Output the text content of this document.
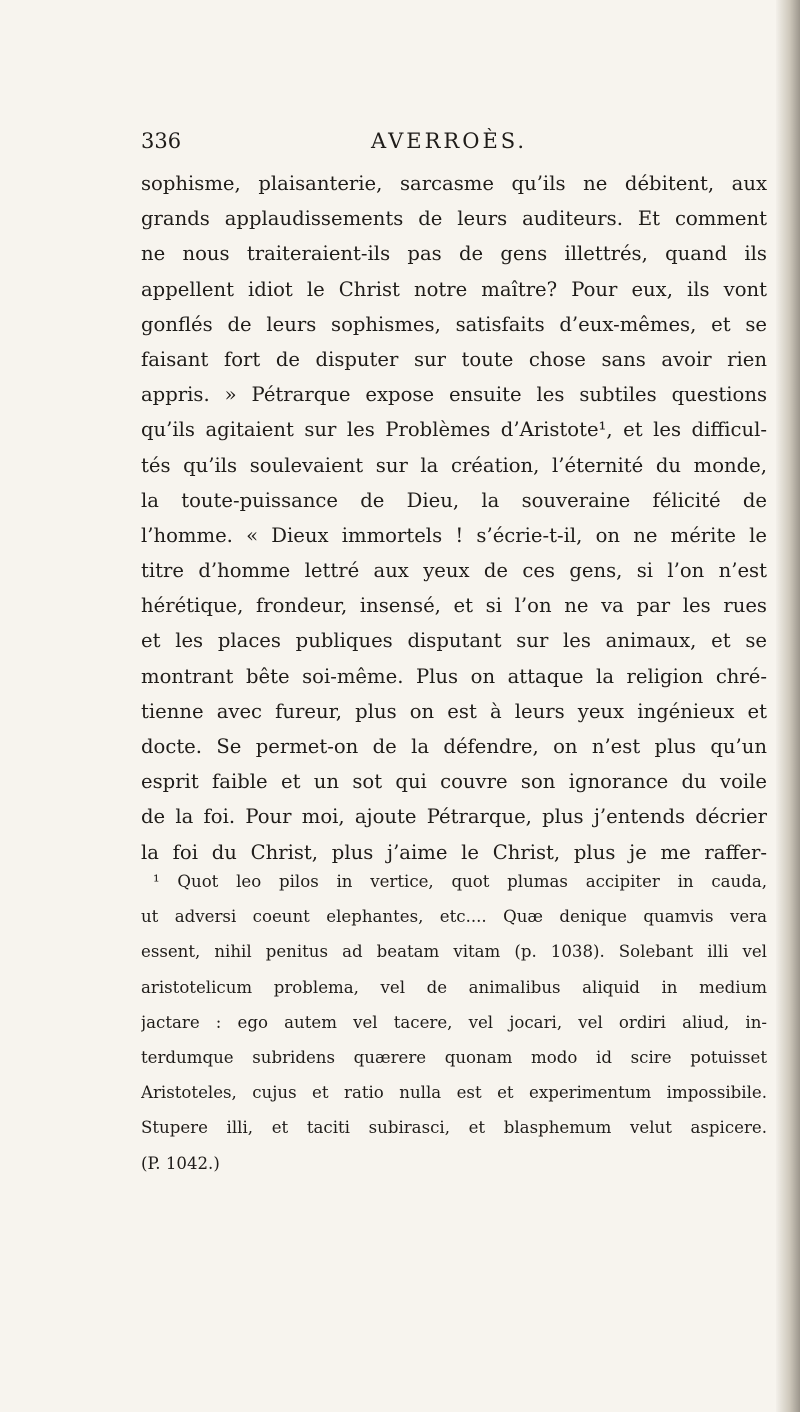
336	AVERROÈS.
sophisme, plaisanterie, sarcasme qu’ils ne débitent, aux
grands applaudissements de leurs auditeurs. Et comment
ne nous traiteraient-ils pas de gens illettrés, quand ils
appellent idiot le Christ notre maître? Pour eux, ils vont
gonflés de leurs sophismes, satisfaits d’eux-mêmes, et se
faisant fort de disputer sur toute chose sans avoir rien
appris. » Pétrarque expose ensuite les subtiles questions
qu’ils agitaient sur les Problèmes d’Aristote¹, et les difficul-
tés qu’ils soulevaient sur la création, l’éternité du monde,
la toute-puissance de Dieu, la souveraine félicité de
l’homme. « Dieux immortels ! s’écrie-t-il, on ne mérite le
titre d’homme lettré aux yeux de ces gens, si l’on n’est
hérétique, frondeur, insensé, et si l’on ne va par les rues
et les places publiques disputant sur les animaux, et se
montrant bête soi-même. Plus on attaque la religion chré-
tienne avec fureur, plus on est à leurs yeux ingénieux et
docte. Se permet-on de la défendre, on n’est plus qu’un
esprit faible et un sot qui couvre son ignorance du voile
de la foi. Pour moi, ajoute Pétrarque, plus j’entends décrier
la foi du Christ, plus j’aime le Christ, plus je me raffer-
¹ Quot leo pilos in vertice, quot plumas accipiter in cauda,
ut adversi coeunt elephantes, etc.... Quæ denique quamvis vera
essent, nihil penitus ad beatam vitam (p. 1038). Solebant illi vel
aristotelicum problema, vel de animalibus aliquid in medium
jactare : ego autem vel tacere, vel jocari, vel ordiri aliud, in-
terdumque subridens quærere quonam modo id scire potuisset
Aristoteles, cujus et ratio nulla est et experimentum impossibile.
Stupere illi, et taciti subirasci, et blasphemum velut aspicere.
(P. 1042.)
